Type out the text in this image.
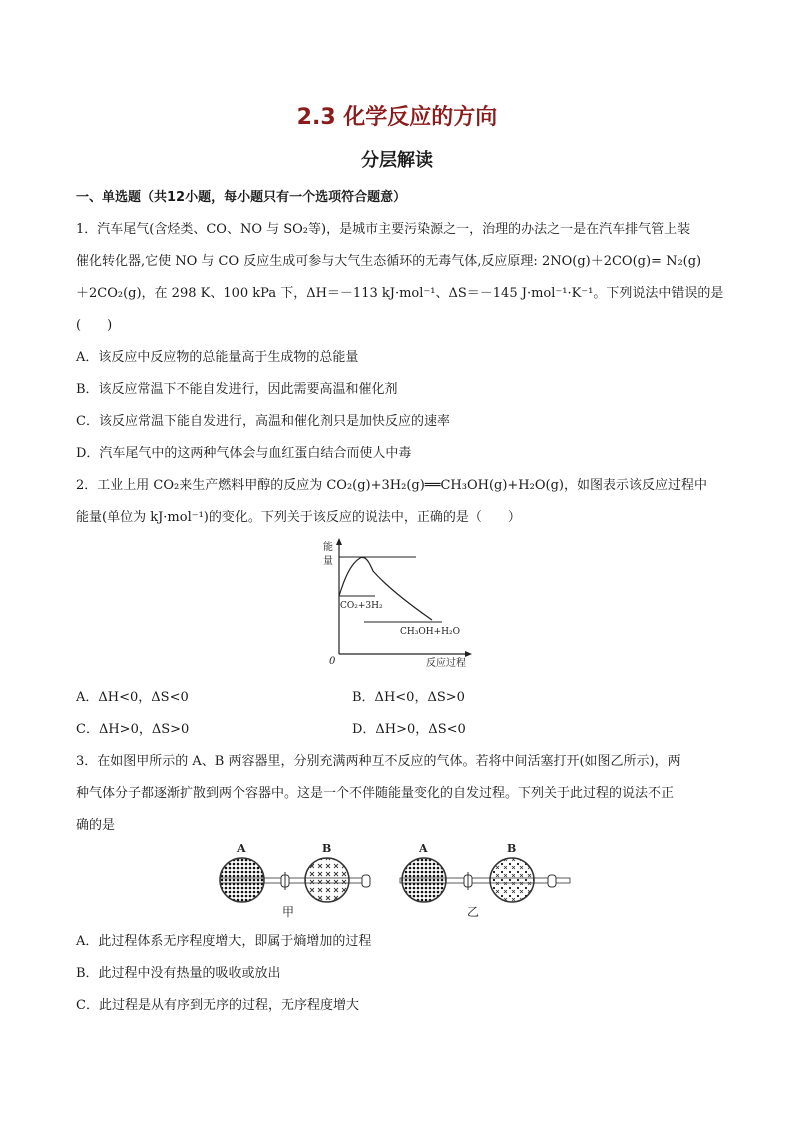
2.3 化学反应的方向
分层解读
一、单选题（共12小题，每小题只有一个选项符合题意）
1．汽车尾气(含烃类、CO、NO 与 SO₂等)，是城市主要污染源之一，治理的办法之一是在汽车排气管上装
催化转化器,它使 NO 与 CO 反应生成可参与大气生态循环的无毒气体,反应原理: 2NO(g)＋2CO(g)= N₂(g)
＋2CO₂(g)，在 298 K、100 kPa 下，ΔH＝－113 kJ·mol⁻¹、ΔS＝－145 J·mol⁻¹·K⁻¹。下列说法中错误的是
(　　)
A．该反应中反应物的总能量高于生成物的总能量
B．该反应常温下不能自发进行，因此需要高温和催化剂
C．该反应常温下能自发进行，高温和催化剂只是加快反应的速率
D．汽车尾气中的这两种气体会与血红蛋白结合而使人中毒
2．工业上用 CO₂来生产燃料甲醇的反应为 CO₂(g)+3H₂(g)══CH₃OH(g)+H₂O(g)，如图表示该反应过程中
能量(单位为 kJ·mol⁻¹)的变化。下列关于该反应的说法中，正确的是（　　）
能
量
CO₂+3H₂
CH₃OH+H₂O
0	反应过程
A．ΔH<0，ΔS<0	B．ΔH<0，ΔS>0
C．ΔH>0，ΔS>0	D．ΔH>0，ΔS<0
3．在如图甲所示的 A、B 两容器里，分别充满两种互不反应的气体。若将中间活塞打开(如图乙所示)，两
种气体分子都逐渐扩散到两个容器中。这是一个不伴随能量变化的自发过程。下列关于此过程的说法不正
确的是
A	B
甲
A	B
乙
A．此过程体系无序程度增大，即属于熵增加的过程
B．此过程中没有热量的吸收或放出
C．此过程是从有序到无序的过程，无序程度增大
